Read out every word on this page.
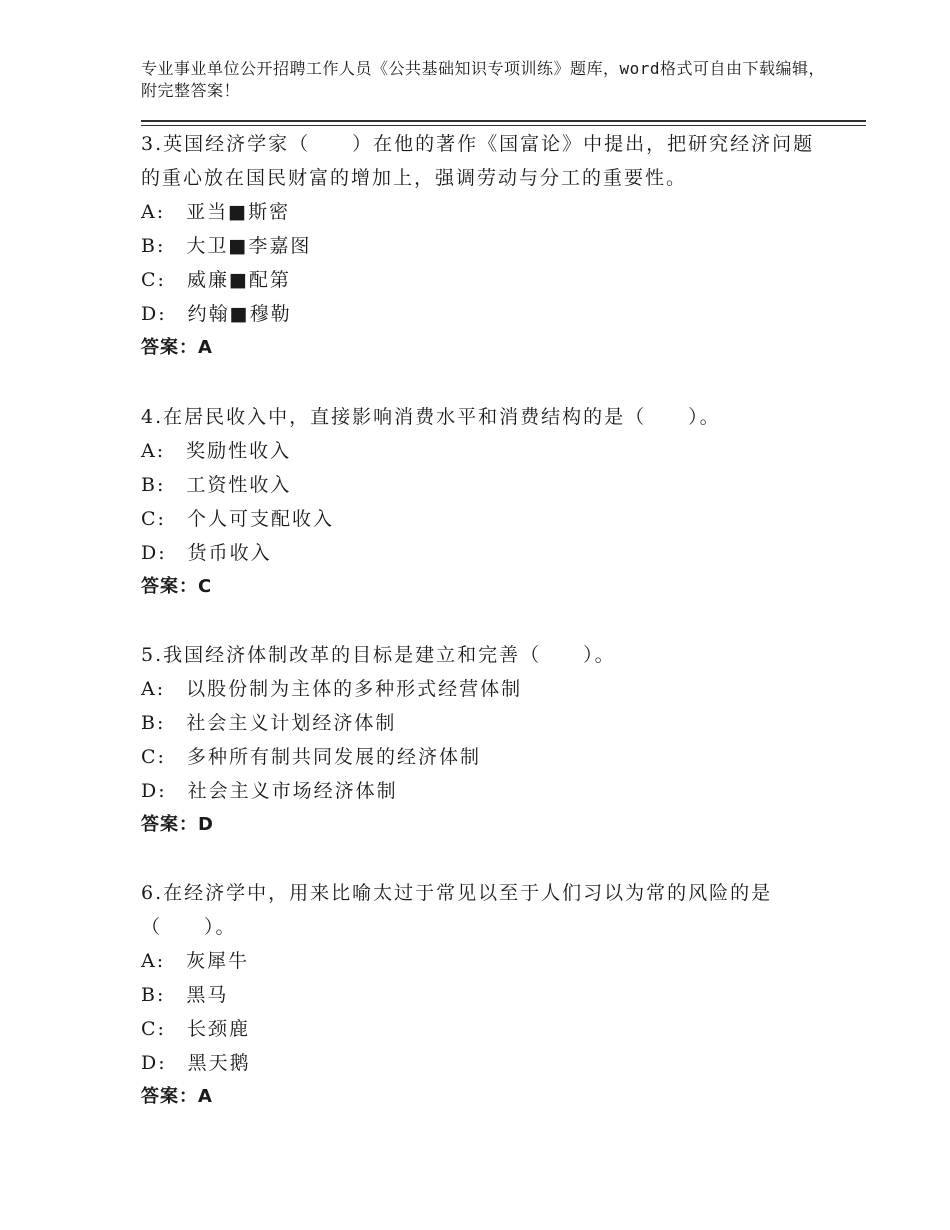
专业事业单位公开招聘工作人员《公共基础知识专项训练》题库，word格式可自由下载编辑，附完整答案！

3.英国经济学家（　　）在他的著作《国富论》中提出，把研究经济问题的重心放在国民财富的增加上，强调劳动与分工的重要性。

A:　亚当■斯密

B:　大卫■李嘉图

C:　威廉■配第

D:　约翰■穆勒

答案：A

4.在居民收入中，直接影响消费水平和消费结构的是（　　）。

A:　奖励性收入

B:　工资性收入

C:　个人可支配收入

D:　货币收入

答案：C

5.我国经济体制改革的目标是建立和完善（　　）。

A:　以股份制为主体的多种形式经营体制

B:　社会主义计划经济体制

C:　多种所有制共同发展的经济体制

D:　社会主义市场经济体制

答案：D

6.在经济学中，用来比喻太过于常见以至于人们习以为常的风险的是（　　）。

A:　灰犀牛

B:　黑马

C:　长颈鹿

D:　黑天鹅

答案：A
